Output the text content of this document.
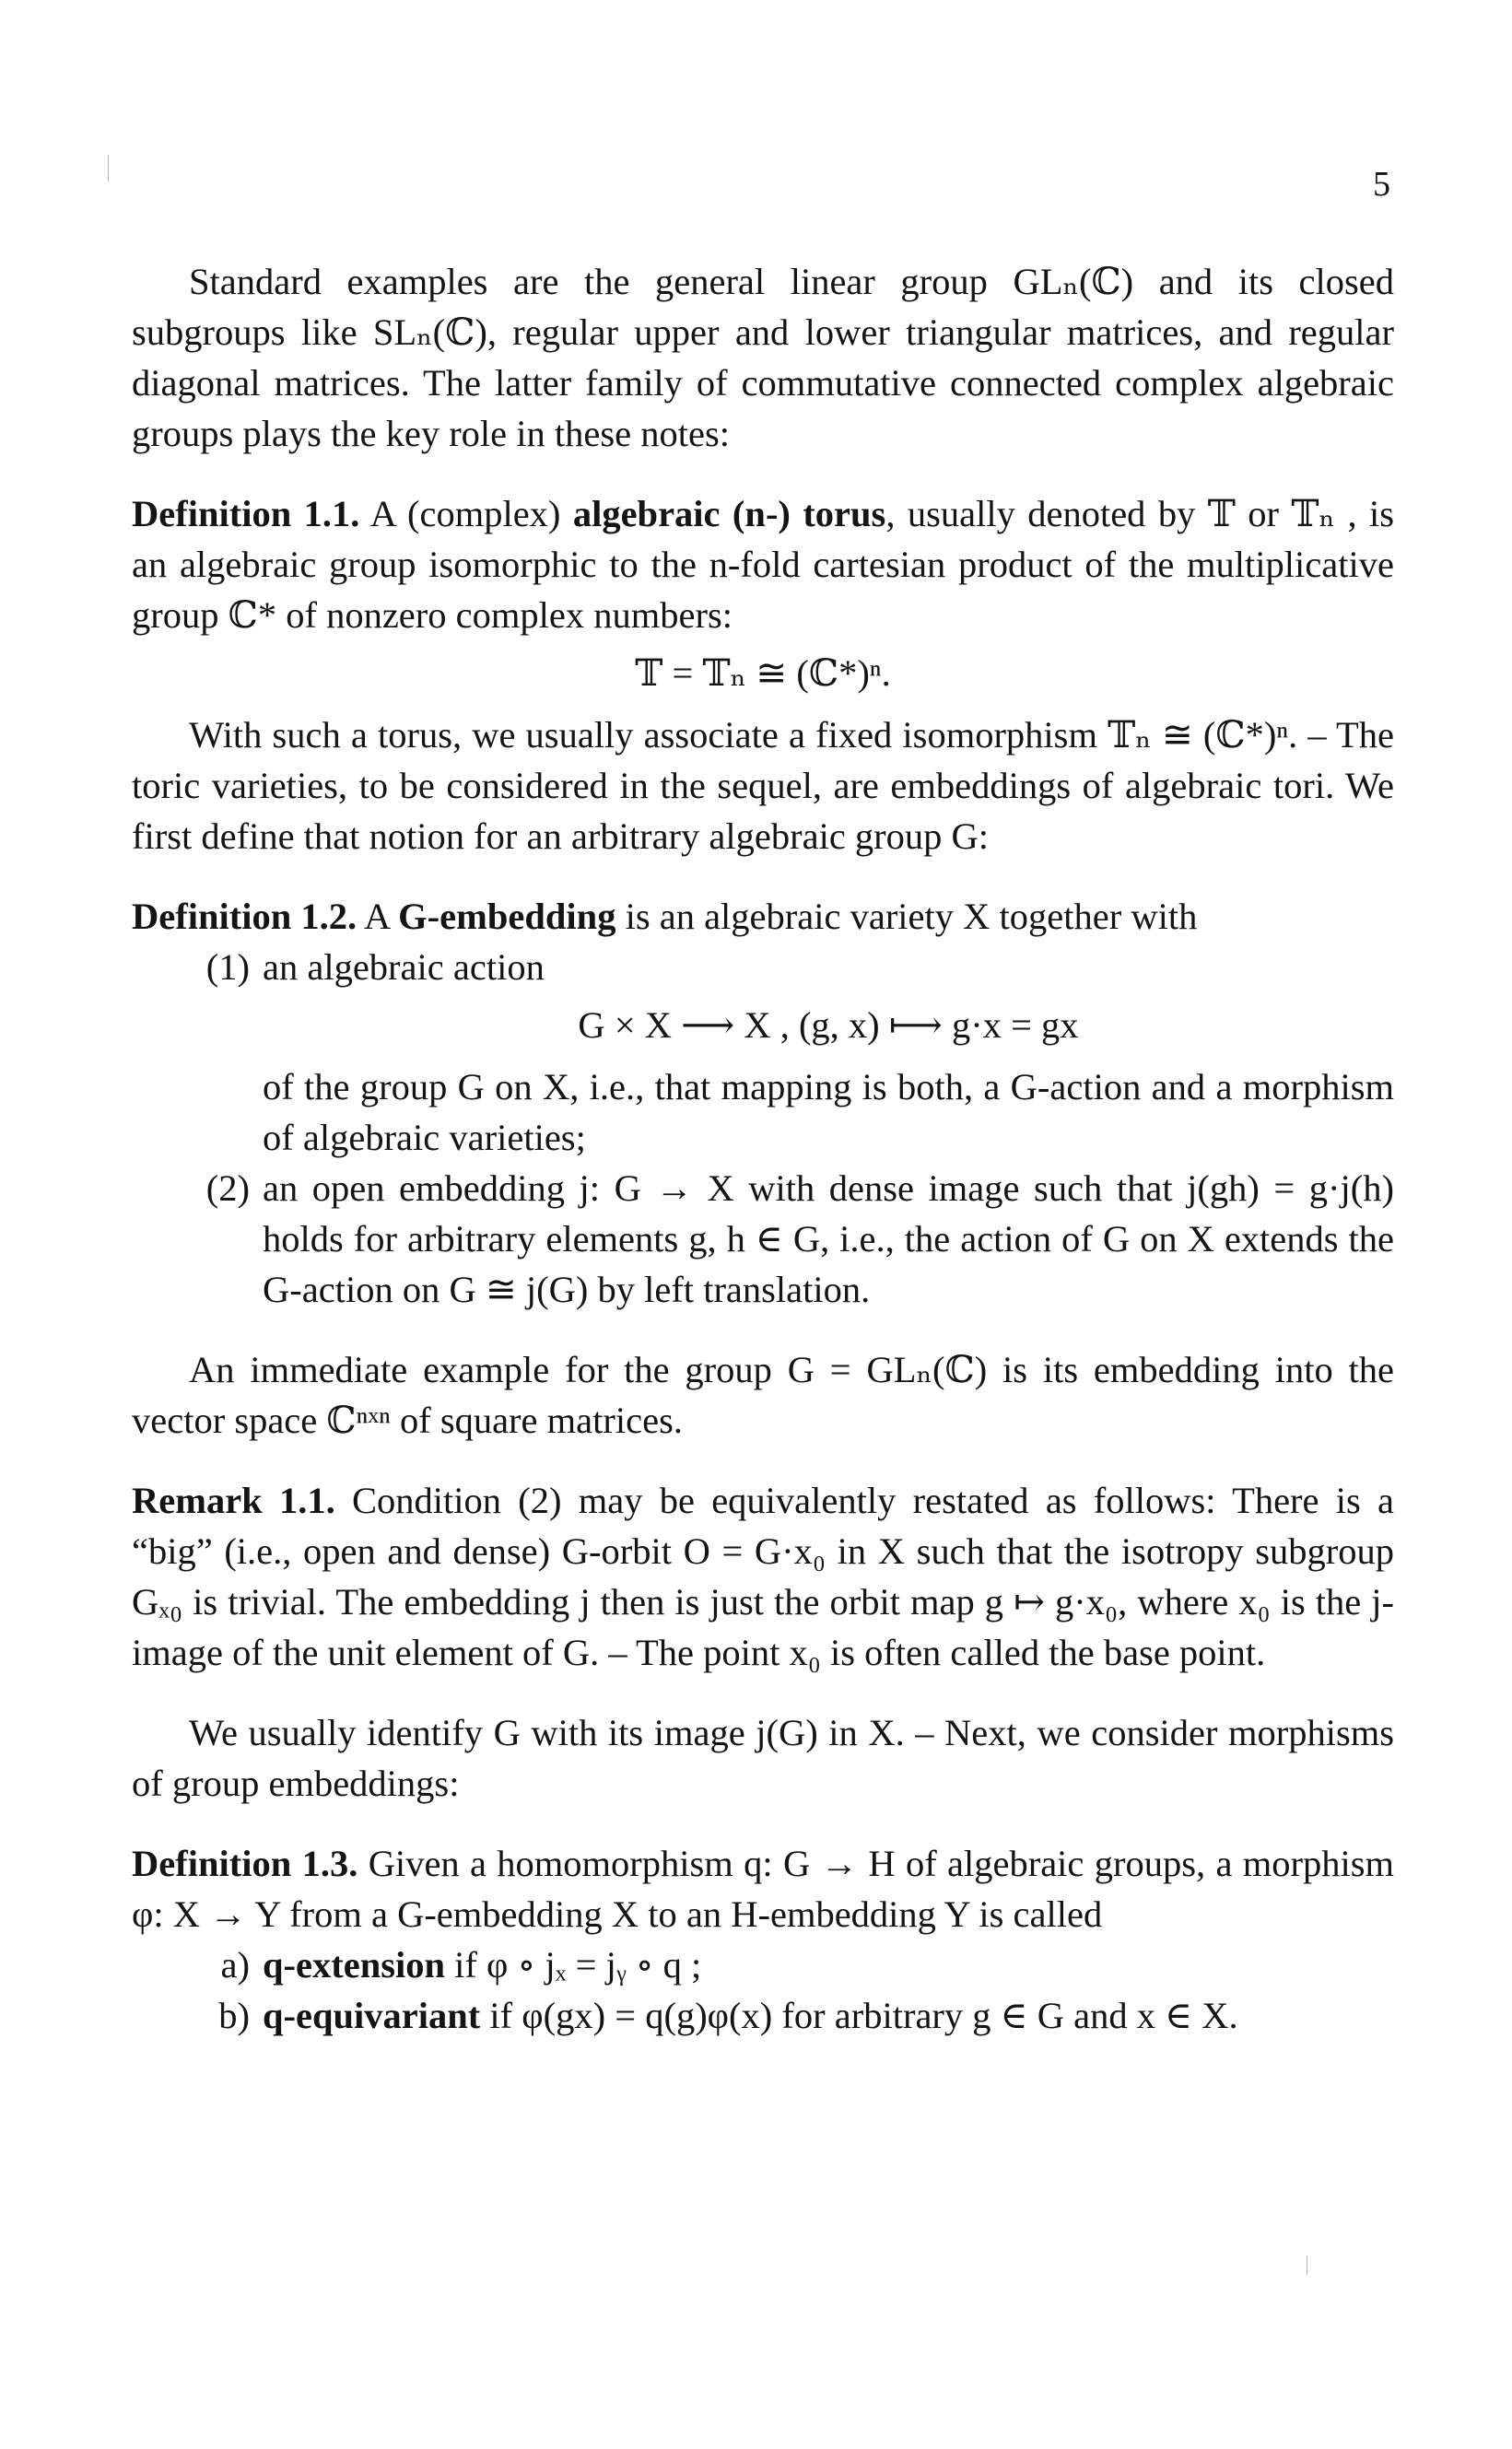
5

Standard examples are the general linear group GLₙ(ℂ) and its closed subgroups like SLₙ(ℂ), regular upper and lower triangular matrices, and regular diagonal matrices. The latter family of commutative connected complex algebraic groups plays the key role in these notes:

Definition 1.1. A (complex) algebraic (n-) torus, usually denoted by 𝕋 or 𝕋ₙ , is an algebraic group isomorphic to the n-fold cartesian product of the multiplicative group ℂ* of nonzero complex numbers:

𝕋 = 𝕋ₙ ≅ (ℂ*)ⁿ.

With such a torus, we usually associate a fixed isomorphism 𝕋ₙ ≅ (ℂ*)ⁿ. – The toric varieties, to be considered in the sequel, are embeddings of algebraic tori. We first define that notion for an arbitrary algebraic group G:

Definition 1.2. A G-embedding is an algebraic variety X together with

(1) an algebraic action
G × X ⟶ X , (g, x) ⟼ g·x = gx
of the group G on X, i.e., that mapping is both, a G-action and a morphism of algebraic varieties;
(2) an open embedding j: G → X with dense image such that j(gh) = g·j(h) holds for arbitrary elements g, h ∈ G, i.e., the action of G on X extends the G-action on G ≅ j(G) by left translation.

An immediate example for the group G = GLₙ(ℂ) is its embedding into the vector space ℂⁿˣⁿ of square matrices.

Remark 1.1. Condition (2) may be equivalently restated as follows: There is a “big” (i.e., open and dense) G-orbit O = G·x₀ in X such that the isotropy subgroup Gₓ₀ is trivial. The embedding j then is just the orbit map g ↦ g·x₀, where x₀ is the j-image of the unit element of G. – The point x₀ is often called the base point.

We usually identify G with its image j(G) in X. – Next, we consider morphisms of group embeddings:

Definition 1.3. Given a homomorphism q: G → H of algebraic groups, a morphism φ: X → Y from a G-embedding X to an H-embedding Y is called

a) q-extension if φ ∘ jₓ = jᵧ ∘ q ;
b) q-equivariant if φ(gx) = q(g)φ(x) for arbitrary g ∈ G and x ∈ X.
